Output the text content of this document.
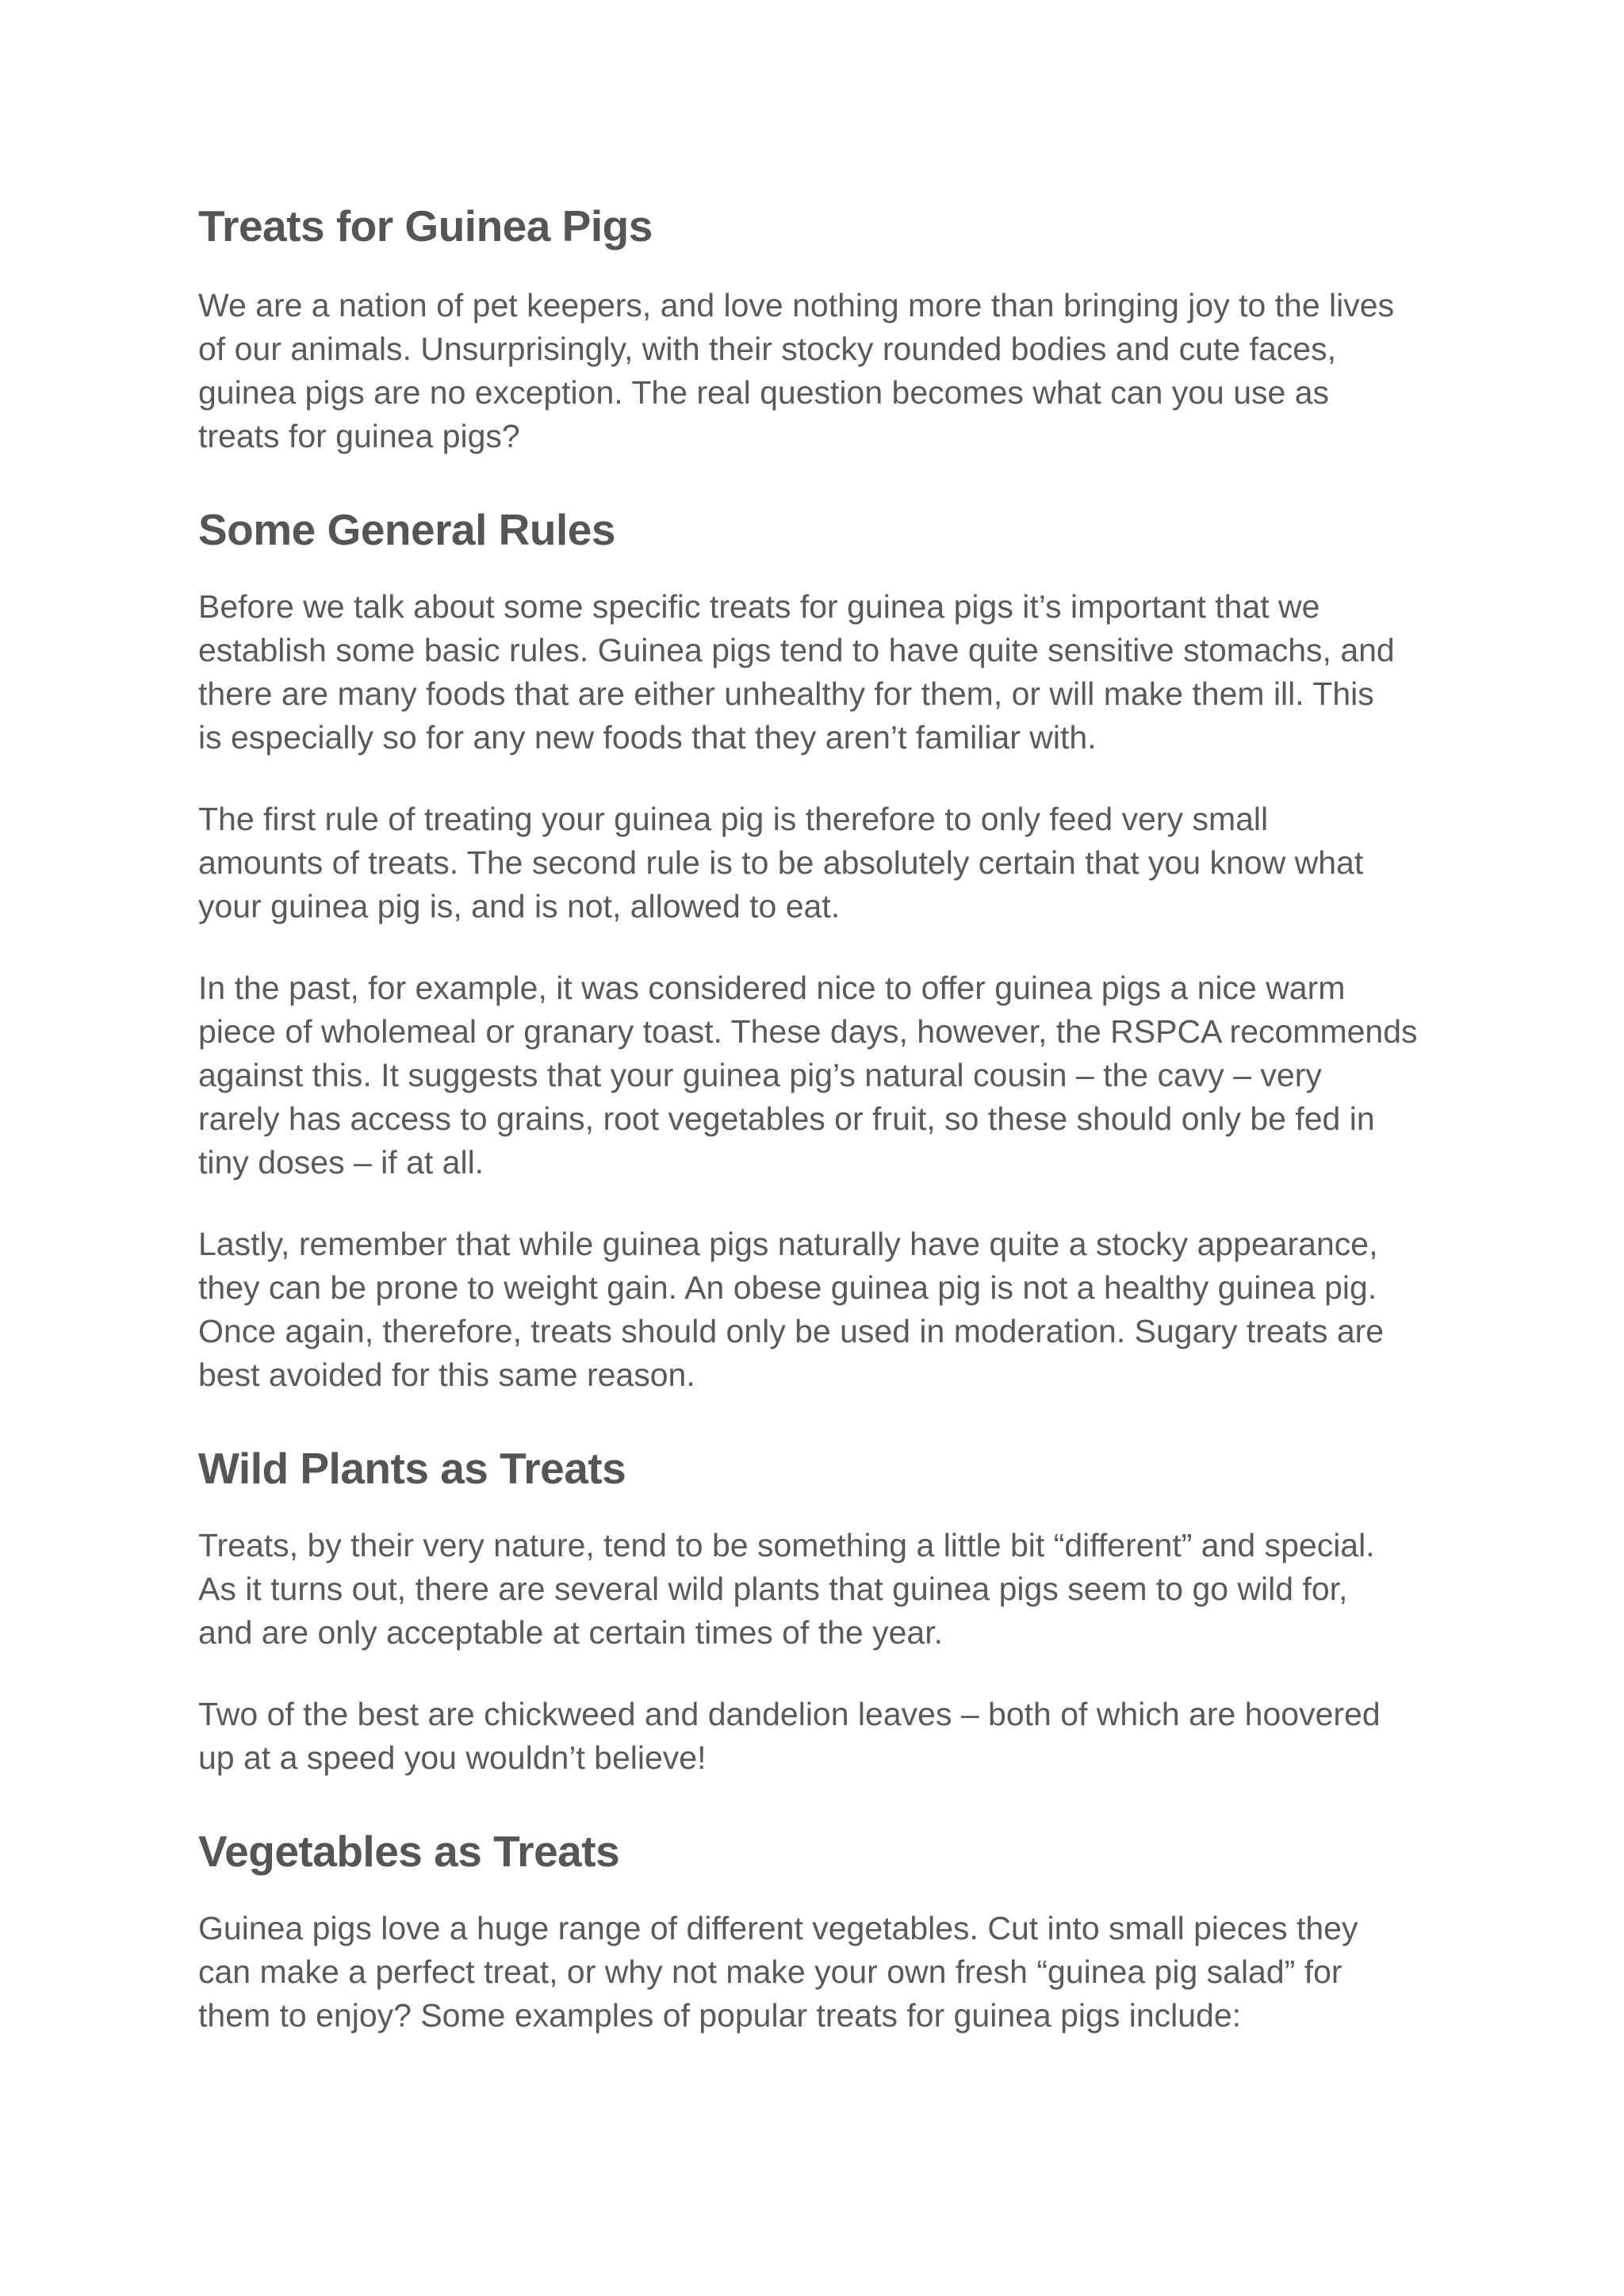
Treats for Guinea Pigs

We are a nation of pet keepers, and love nothing more than bringing joy to the lives
of our animals. Unsurprisingly, with their stocky rounded bodies and cute faces,
guinea pigs are no exception. The real question becomes what can you use as
treats for guinea pigs?

Some General Rules

Before we talk about some specific treats for guinea pigs it’s important that we
establish some basic rules. Guinea pigs tend to have quite sensitive stomachs, and
there are many foods that are either unhealthy for them, or will make them ill. This
is especially so for any new foods that they aren’t familiar with.

The first rule of treating your guinea pig is therefore to only feed very small
amounts of treats. The second rule is to be absolutely certain that you know what
your guinea pig is, and is not, allowed to eat.

In the past, for example, it was considered nice to offer guinea pigs a nice warm
piece of wholemeal or granary toast. These days, however, the RSPCA recommends
against this. It suggests that your guinea pig’s natural cousin – the cavy – very
rarely has access to grains, root vegetables or fruit, so these should only be fed in
tiny doses – if at all.

Lastly, remember that while guinea pigs naturally have quite a stocky appearance,
they can be prone to weight gain. An obese guinea pig is not a healthy guinea pig.
Once again, therefore, treats should only be used in moderation. Sugary treats are
best avoided for this same reason.

Wild Plants as Treats

Treats, by their very nature, tend to be something a little bit “different” and special.
As it turns out, there are several wild plants that guinea pigs seem to go wild for,
and are only acceptable at certain times of the year.

Two of the best are chickweed and dandelion leaves – both of which are hoovered
up at a speed you wouldn’t believe!

Vegetables as Treats

Guinea pigs love a huge range of different vegetables. Cut into small pieces they
can make a perfect treat, or why not make your own fresh “guinea pig salad” for
them to enjoy? Some examples of popular treats for guinea pigs include:
